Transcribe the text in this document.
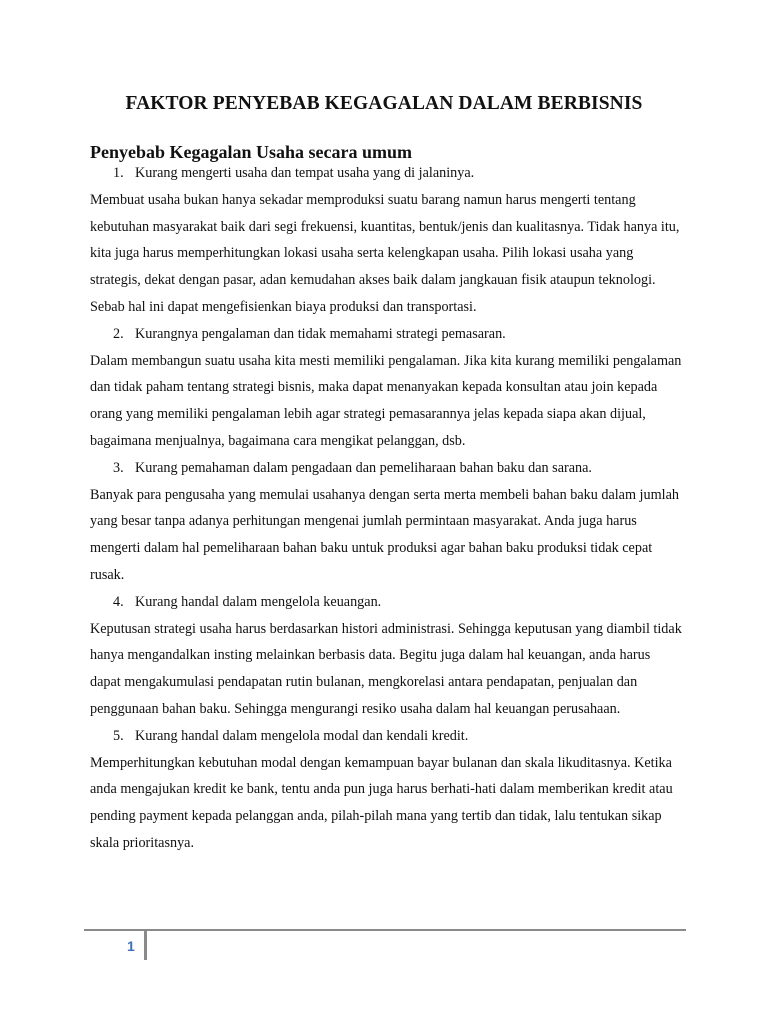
FAKTOR PENYEBAB KEGAGALAN DALAM BERBISNIS
Penyebab Kegagalan Usaha secara umum
1. Kurang mengerti usaha dan tempat usaha yang di jalaninya.

Membuat usaha bukan hanya sekadar memproduksi suatu barang namun harus mengerti tentang kebutuhan masyarakat baik dari segi frekuensi, kuantitas, bentuk/jenis dan kualitasnya. Tidak hanya itu, kita juga harus memperhitungkan lokasi usaha serta kelengkapan usaha. Pilih lokasi usaha yang strategis, dekat dengan pasar, adan kemudahan akses baik dalam jangkauan fisik ataupun teknologi. Sebab hal ini dapat mengefisienkan biaya produksi dan transportasi.

2. Kurangnya pengalaman dan tidak memahami strategi pemasaran.

Dalam membangun suatu usaha kita mesti memiliki pengalaman. Jika kita kurang memiliki pengalaman dan tidak paham tentang strategi bisnis, maka dapat menanyakan kepada konsultan atau join kepada orang yang memiliki pengalaman lebih agar strategi pemasarannya jelas kepada siapa akan dijual, bagaimana menjualnya, bagaimana cara mengikat pelanggan, dsb.

3. Kurang pemahaman dalam pengadaan dan pemeliharaan bahan baku dan sarana.

Banyak para pengusaha yang memulai usahanya dengan serta merta membeli bahan baku dalam jumlah yang besar tanpa adanya perhitungan mengenai jumlah permintaan masyarakat. Anda juga harus mengerti dalam hal pemeliharaan bahan baku untuk produksi agar bahan baku produksi tidak cepat rusak.

4. Kurang handal dalam mengelola keuangan.

Keputusan strategi usaha harus berdasarkan histori administrasi. Sehingga keputusan yang diambil tidak hanya mengandalkan insting melainkan berbasis data. Begitu juga dalam hal keuangan, anda harus dapat mengakumulasi pendapatan rutin bulanan, mengkorelasi antara pendapatan, penjualan dan penggunaan bahan baku. Sehingga mengurangi resiko usaha dalam hal keuangan perusahaan.

5. Kurang handal dalam mengelola modal dan kendali kredit.

Memperhitungkan kebutuhan modal dengan kemampuan bayar bulanan dan skala likuditasnya. Ketika anda mengajukan kredit ke bank, tentu anda pun juga harus berhati-hati dalam memberikan kredit atau pending payment kepada pelanggan anda, pilah-pilah mana yang tertib dan tidak, lalu tentukan sikap skala prioritasnya.

1
